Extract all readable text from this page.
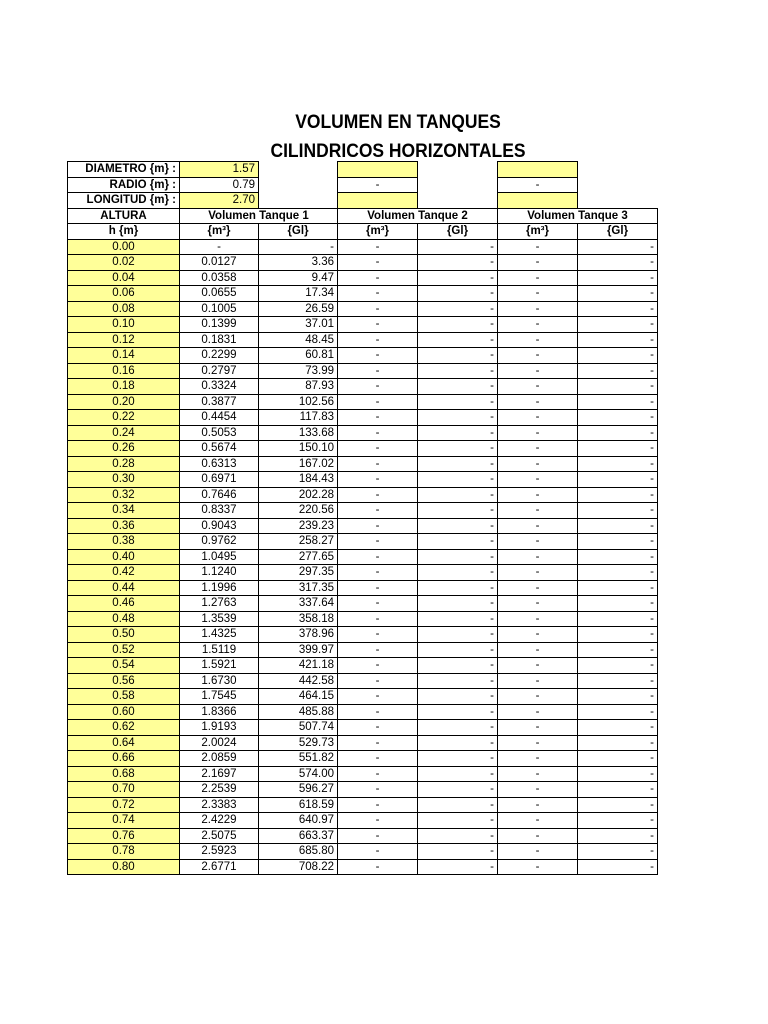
VOLUMEN EN TANQUES
CILINDRICOS HORIZONTALES
DIAMETRO {m} :	1.57					
RADIO {m} :	0.79		-		-	
LONGITUD {m} :	2.70					
ALTURA	Volumen Tanque 1		Volumen Tanque 2		Volumen Tanque 3	
h {m}	{m³}	{Gl}	{m³}	{Gl}	{m³}	{Gl}
0.00	-	-	-	-	-	-
0.02	0.0127	3.36	-	-	-	-
0.04	0.0358	9.47	-	-	-	-
0.06	0.0655	17.34	-	-	-	-
0.08	0.1005	26.59	-	-	-	-
0.10	0.1399	37.01	-	-	-	-
0.12	0.1831	48.45	-	-	-	-
0.14	0.2299	60.81	-	-	-	-
0.16	0.2797	73.99	-	-	-	-
0.18	0.3324	87.93	-	-	-	-
0.20	0.3877	102.56	-	-	-	-
0.22	0.4454	117.83	-	-	-	-
0.24	0.5053	133.68	-	-	-	-
0.26	0.5674	150.10	-	-	-	-
0.28	0.6313	167.02	-	-	-	-
0.30	0.6971	184.43	-	-	-	-
0.32	0.7646	202.28	-	-	-	-
0.34	0.8337	220.56	-	-	-	-
0.36	0.9043	239.23	-	-	-	-
0.38	0.9762	258.27	-	-	-	-
0.40	1.0495	277.65	-	-	-	-
0.42	1.1240	297.35	-	-	-	-
0.44	1.1996	317.35	-	-	-	-
0.46	1.2763	337.64	-	-	-	-
0.48	1.3539	358.18	-	-	-	-
0.50	1.4325	378.96	-	-	-	-
0.52	1.5119	399.97	-	-	-	-
0.54	1.5921	421.18	-	-	-	-
0.56	1.6730	442.58	-	-	-	-
0.58	1.7545	464.15	-	-	-	-
0.60	1.8366	485.88	-	-	-	-
0.62	1.9193	507.74	-	-	-	-
0.64	2.0024	529.73	-	-	-	-
0.66	2.0859	551.82	-	-	-	-
0.68	2.1697	574.00	-	-	-	-
0.70	2.2539	596.27	-	-	-	-
0.72	2.3383	618.59	-	-	-	-
0.74	2.4229	640.97	-	-	-	-
0.76	2.5075	663.37	-	-	-	-
0.78	2.5923	685.80	-	-	-	-
0.80	2.6771	708.22	-	-	-	-
